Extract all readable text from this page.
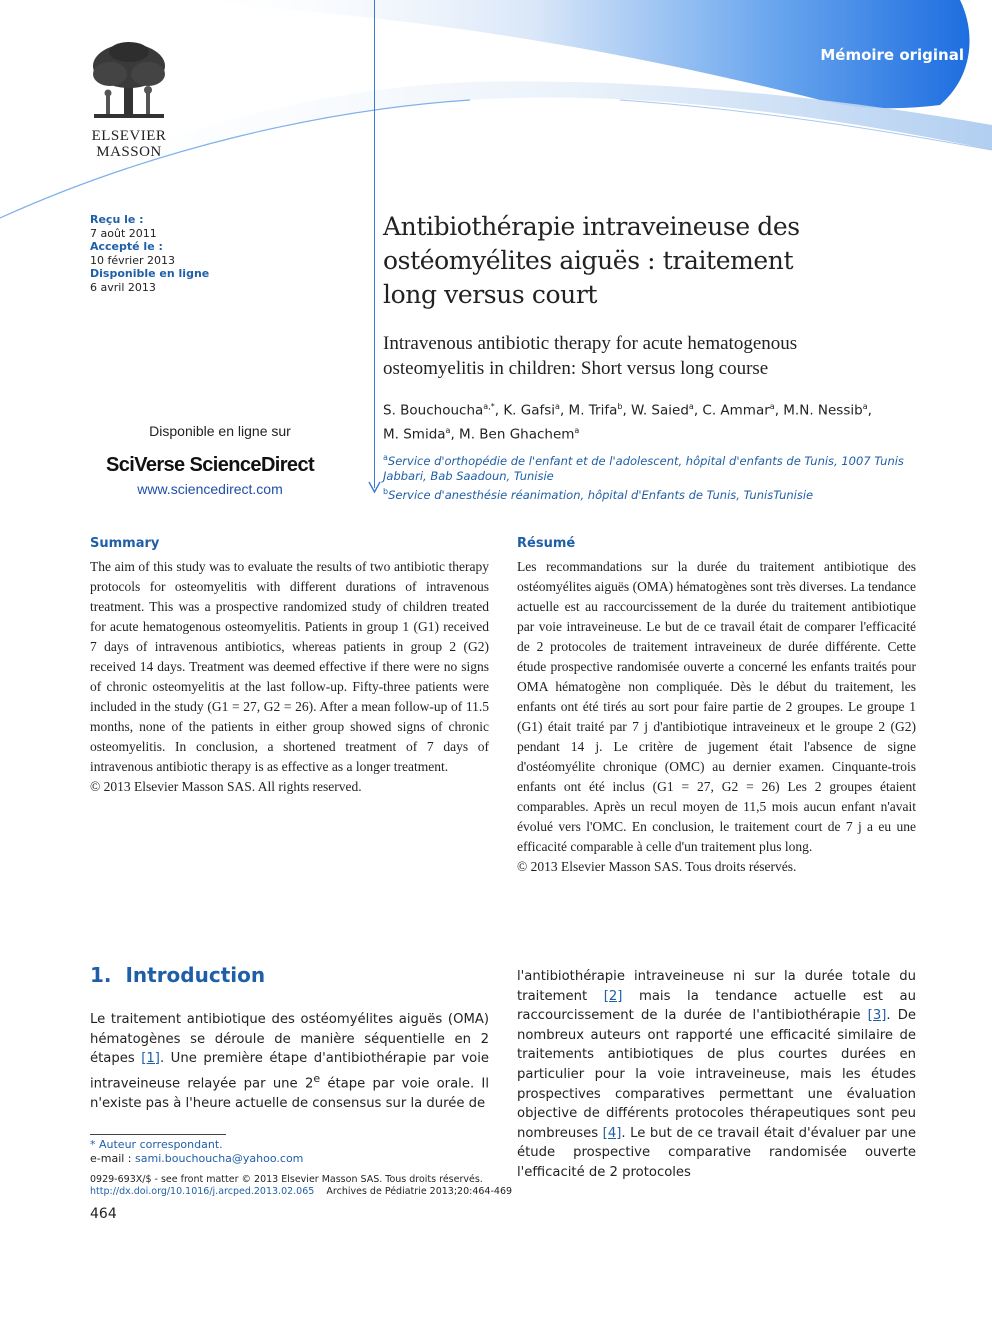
Mémoire original
ELSEVIER
MASSON
Reçu le :
7 août 2011
Accepté le :
10 février 2013
Disponible en ligne
6 avril 2013
Disponible en ligne sur
SciVerse ScienceDirect
www.sciencedirect.com
Antibiothérapie intraveineuse des
ostéomyélites aiguës : traitement
long versus court
Intravenous antibiotic therapy for acute hematogenous
osteomyelitis in children: Short versus long course
S. Bouchoucha$^{a,*}$, K. Gafsi$^a$, M. Trifa$^b$, W. Saied$^a$, C. Ammar$^a$, M.N. Nessib$^a$,
M. Smida$^a$, M. Ben Ghachem$^a$
$^a$Service d'orthopédie de l'enfant et de l'adolescent, hôpital d'enfants de Tunis, 1007 Tunis
Jabbari, Bab Saadoun, Tunisie
$^b$Service d'anesthésie réanimation, hôpital d'Enfants de Tunis, TunisTunisie
Summary

The aim of this study was to evaluate the results of two antibiotic therapy protocols for osteomyelitis with different durations of intravenous treatment. This was a prospective randomized study of children treated for acute hematogenous osteomyelitis. Patients in group 1 (G1) received 7 days of intravenous antibiotics, whereas patients in group 2 (G2) received 14 days. Treatment was deemed effective if there were no signs of chronic osteomyelitis at the last follow-up. Fifty-three patients were included in the study (G1 = 27, G2 = 26). After a mean follow-up of 11.5 months, none of the patients in either group showed signs of chronic osteomyelitis. In conclusion, a shortened treatment of 7 days of intravenous antibiotic therapy is as effective as a longer treatment.

© 2013 Elsevier Masson SAS. All rights reserved.

Résumé

Les recommandations sur la durée du traitement antibiotique des ostéomyélites aiguës (OMA) hématogènes sont très diverses. La tendance actuelle est au raccourcissement de la durée du traitement antibiotique par voie intraveineuse. Le but de ce travail était de comparer l'efficacité de 2 protocoles de traitement intraveineux de durée différente. Cette étude prospective randomisée ouverte a concerné les enfants traités pour OMA hématogène non compliquée. Dès le début du traitement, les enfants ont été tirés au sort pour faire partie de 2 groupes. Le groupe 1 (G1) était traité par 7 j d'antibiotique intraveineux et le groupe 2 (G2) pendant 14 j. Le critère de jugement était l'absence de signe d'ostéomyélite chronique (OMC) au dernier examen. Cinquante-trois enfants ont été inclus (G1 = 27, G2 = 26) Les 2 groupes étaient comparables. Après un recul moyen de 11,5 mois aucun enfant n'avait évolué vers l'OMC. En conclusion, le traitement court de 7 j a eu une efficacité comparable à celle d'un traitement plus long.

© 2013 Elsevier Masson SAS. Tous droits réservés.

1. Introduction

Le traitement antibiotique des ostéomyélites aiguës (OMA) hématogènes se déroule de manière séquentielle en 2 étapes [1]. Une première étape d'antibiothérapie par voie intraveineuse relayée par une 2e étape par voie orale. Il n'existe pas à l'heure actuelle de consensus sur la durée de

l'antibiothérapie intraveineuse ni sur la durée totale du traitement [2] mais la tendance actuelle est au raccourcissement de la durée de l'antibiothérapie [3]. De nombreux auteurs ont rapporté une efficacité similaire de traitements antibiotiques de plus courtes durées en particulier pour la voie intraveineuse, mais les études prospectives comparatives permettant une évaluation objective de différents protocoles thérapeutiques sont peu nombreuses [4]. Le but de ce travail était d'évaluer par une étude prospective comparative randomisée ouverte l'efficacité de 2 protocoles

* Auteur correspondant.
e-mail : sami.bouchoucha@yahoo.com
0929-693X/$ - see front matter © 2013 Elsevier Masson SAS. Tous droits réservés.
http://dx.doi.org/10.1016/j.arcped.2013.02.065 Archives de Pédiatrie 2013;20:464-469
464
